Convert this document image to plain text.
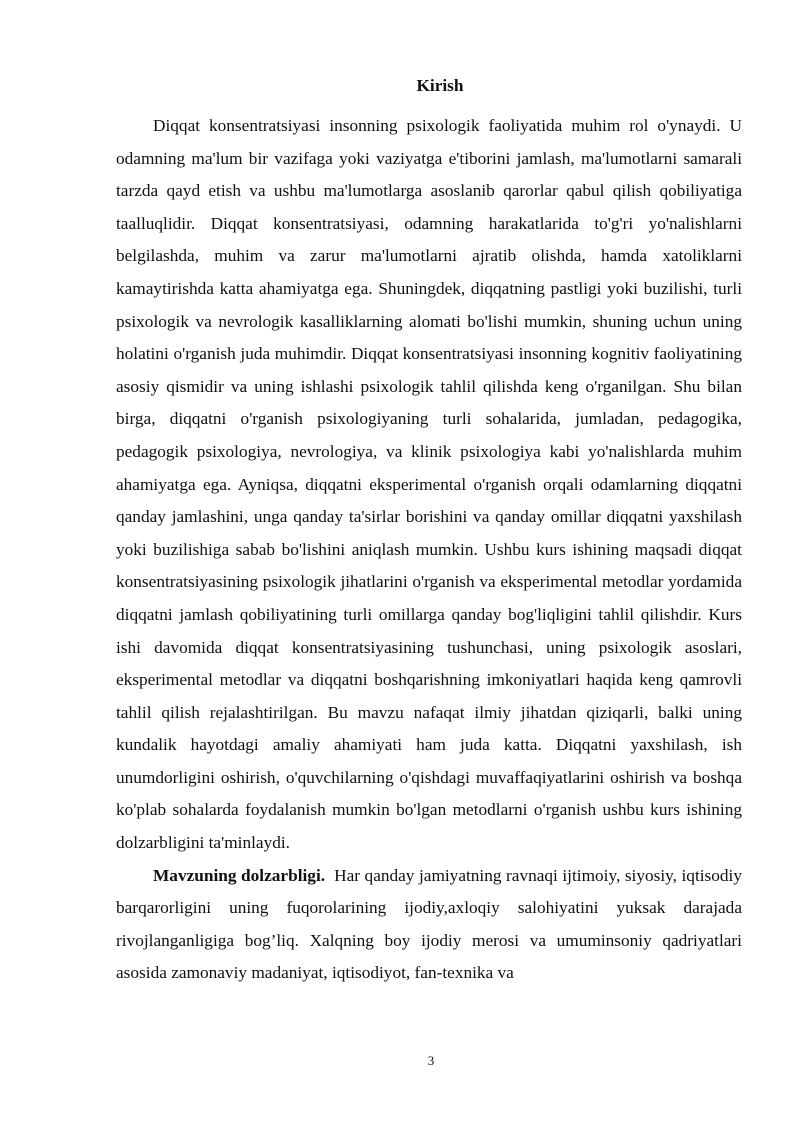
Kirish

Diqqat konsentratsiyasi insonning psixologik faoliyatida muhim rol o'ynaydi. U odamning ma'lum bir vazifaga yoki vaziyatga e'tiborini jamlash, ma'lumotlarni samarali tarzda qayd etish va ushbu ma'lumotlarga asoslanib qarorlar qabul qilish qobiliyatiga taalluqlidir. Diqqat konsentratsiyasi, odamning harakatlarida to'g'ri yo'nalishlarni belgilashda, muhim va zarur ma'lumotlarni ajratib olishda, hamda xatoliklarni kamaytirishda katta ahamiyatga ega. Shuningdek, diqqatning pastligi yoki buzilishi, turli psixologik va nevrologik kasalliklarning alomati bo'lishi mumkin, shuning uchun uning holatini o'rganish juda muhimdir. Diqqat konsentratsiyasi insonning kognitiv faoliyatining asosiy qismidir va uning ishlashi psixologik tahlil qilishda keng o'rganilgan. Shu bilan birga, diqqatni o'rganish psixologiyaning turli sohalarida, jumladan, pedagogika, pedagogik psixologiya, nevrologiya, va klinik psixologiya kabi yo'nalishlarda muhim ahamiyatga ega. Ayniqsa, diqqatni eksperimental o'rganish orqali odamlarning diqqatni qanday jamlashini, unga qanday ta'sirlar borishini va qanday omillar diqqatni yaxshilash yoki buzilishiga sabab bo'lishini aniqlash mumkin. Ushbu kurs ishining maqsadi diqqat konsentratsiyasining psixologik jihatlarini o'rganish va eksperimental metodlar yordamida diqqatni jamlash qobiliyatining turli omillarga qanday bog'liqligini tahlil qilishdir. Kurs ishi davomida diqqat konsentratsiyasining tushunchasi, uning psixologik asoslari, eksperimental metodlar va diqqatni boshqarishning imkoniyatlari haqida keng qamrovli tahlil qilish rejalashtirilgan. Bu mavzu nafaqat ilmiy jihatdan qiziqarli, balki uning kundalik hayotdagi amaliy ahamiyati ham juda katta. Diqqatni yaxshilash, ish unumdorligini oshirish, o'quvchilarning o'qishdagi muvaffaqiyatlarini oshirish va boshqa ko'plab sohalarda foydalanish mumkin bo'lgan metodlarni o'rganish ushbu kurs ishining dolzarbligini ta'minlaydi.

Mavzuning dolzarbligi. Har qanday jamiyatning ravnaqi ijtimoiy, siyosiy, iqtisodiy barqarorligini uning fuqorolarining ijodiy,axloqiy salohiyatini yuksak darajada rivojlanganligiga bog’liq. Xalqning boy ijodiy merosi va umuminsoniy qadriyatlari asosida zamonaviy madaniyat, iqtisodiyot, fan-texnika va

3
